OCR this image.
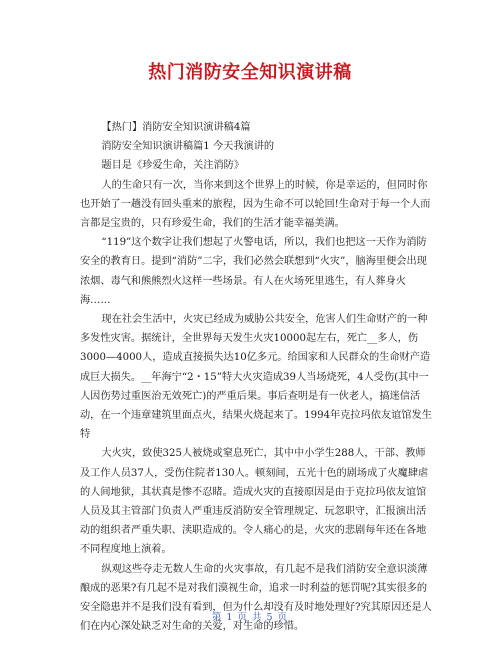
热门消防安全知识演讲稿

【热门】消防安全知识演讲稿4篇

消防安全知识演讲稿篇1 今天我演讲的

题目是《珍爱生命，关注消防》

人的生命只有一次，当你来到这个世界上的时候，你是幸运的，但同时你也开始了一趟没有回头重来的旅程，因为生命不可以轮回!生命对于每一个人而言都是宝贵的，只有珍爱生命，我们的生活才能幸福美满。

“119”这个数字让我们想起了火警电话，所以，我们也把这一天作为消防安全的教育日。提到“消防”二字，我们必然会联想到“火灾”，脑海里便会出现浓烟、毒气和熊熊烈火这样一些场景。有人在火场死里逃生，有人葬身火海……

现在社会生活中，火灾已经成为威胁公共安全，危害人们生命财产的一种多发性灾害。据统计，全世界每天发生火灾10000起左右，死亡__多人，伤3000—4000人，造成直接损失达10亿多元。给国家和人民群众的生命财产造成巨大损失。__年海宁“2・15”特大火灾造成39人当场烧死，4人受伤(其中一人因伤势过重医治无效死亡)的严重后果。事后查明是有一伙老人，搞迷信活动，在一个违章建筑里面点火，结果火烧起来了。1994年克拉玛依友谊馆发生特

大火灾，致使325人被烧或窒息死亡，其中中小学生288人，干部、教师及工作人员37人，受伤住院者130人。顿刻间，五光十色的剧场成了火魔肆虐的人间地狱，其状真是惨不忍睹。造成火灾的直接原因是由于克拉玛依友谊馆人员及其主管部门负责人严重违反消防安全管理规定、玩忽职守，汇报演出活动的组织者严重失职、渎职造成的。令人痛心的是，火灾的悲剧每年还在各地不同程度地上演着。

纵观这些夺走无数人生命的火灾事故，有几起不是我们消防安全意识淡薄酿成的恶果?有几起不是对我们漠视生命，追求一时利益的惩罚呢?其实很多的安全隐患并不是我们没有看到，但为什么却没有及时地处理好?究其原因还是人们在内心深处缺乏对生命的关爱，对生命的珍惜。

第 1 页 共 5 页
